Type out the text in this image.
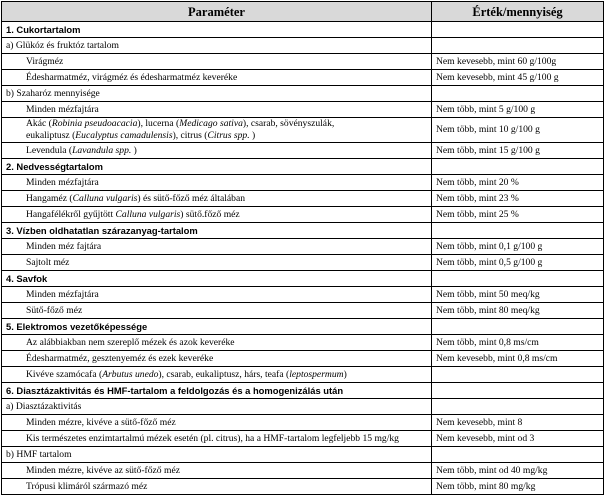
Paraméter	Érték/mennyiség
1. Cukortartalom	
a) Glükóz és fruktóz tartalom	
Virágméz	Nem kevesebb, mint 60 g/100g
Édesharmatméz, virágméz és édesharmatméz keveréke	Nem kevesebb, mint 45 g/100 g
b) Szaharóz mennyisége	
Minden mézfajtára	Nem több, mint 5 g/100 g
Akác (Robinia pseudoacacia), lucerna (Medicago sativa), csarab, sövényszulák,
eukaliptusz (Eucalyptus camadulensis), citrus (Citrus spp. )	Nem több, mint 10 g/100 g
Levendula (Lavandula spp. )	Nem több, mint 15 g/100 g
2. Nedvességtartalom	
Minden mézfajtára	Nem több, mint 20 %
Hangaméz (Calluna vulgaris) és sütő-főző méz általában	Nem több, mint 23 %
Hangafélékről gyűjtött Calluna vulgaris) sütő.főző méz	Nem több, mint 25 %
3. Vízben oldhatatlan szárazanyag-tartalom	
Minden méz fajtára	Nem több, mint 0,1 g/100 g
Sajtolt méz	Nem több, mint 0,5 g/100 g
4. Savfok	
Minden mézfajtára	Nem több, mint 50 meq/kg
Sütő-főző méz	Nem több, mint 80 meq/kg
5. Elektromos vezetőképessége	
Az alábbiakban nem szereplő mézek és azok keveréke	Nem több, mint 0,8 ms/cm
Édesharmatméz, gesztenyeméz és ezek keveréke	Nem kevesebb, mint 0,8 ms/cm
Kivéve szamócafa (Arbutus unedo), csarab, eukaliptusz, hárs, teafa (leptospermum)	
6. Diasztázaktivitás és HMF-tartalom a feldolgozás és a homogenizálás után	
a) Diasztázaktivitás	
Minden mézre, kivéve a sütő-főző méz	Nem kevesebb, mint 8
Kis természetes enzimtartalmú mézek esetén (pl. citrus), ha a HMF-tartalom legfeljebb 15 mg/kg	Nem kevesebb, mint od 3
b) HMF tartalom	
Minden mézre, kivéve az sütő-főző méz	Nem több, mint od 40 mg/kg
Trópusi klimáról származó méz	Nem több, mint 80 mg/kg
